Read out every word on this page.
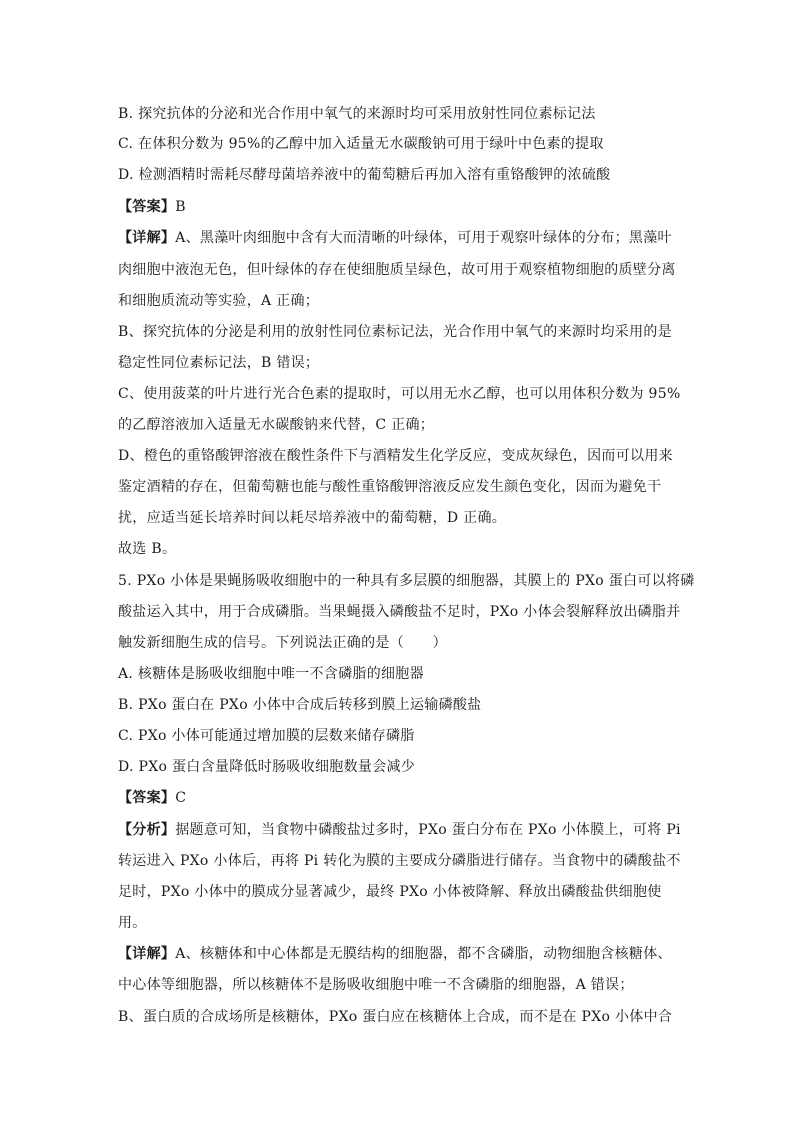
B. 探究抗体的分泌和光合作用中氧气的来源时均可采用放射性同位素标记法
C. 在体积分数为 95%的乙醇中加入适量无水碳酸钠可用于绿叶中色素的提取
D. 检测酒精时需耗尽酵母菌培养液中的葡萄糖后再加入溶有重铬酸钾的浓硫酸
【答案】B
【详解】A、黑藻叶肉细胞中含有大而清晰的叶绿体，可用于观察叶绿体的分布；黑藻叶
肉细胞中液泡无色，但叶绿体的存在使细胞质呈绿色，故可用于观察植物细胞的质壁分离
和细胞质流动等实验，A 正确；
B、探究抗体的分泌是利用的放射性同位素标记法，光合作用中氧气的来源时均采用的是
稳定性同位素标记法，B 错误；
C、使用菠菜的叶片进行光合色素的提取时，可以用无水乙醇，也可以用体积分数为 95%
的乙醇溶液加入适量无水碳酸钠来代替，C 正确；
D、橙色的重铬酸钾溶液在酸性条件下与酒精发生化学反应，变成灰绿色，因而可以用来
鉴定酒精的存在，但葡萄糖也能与酸性重铬酸钾溶液反应发生颜色变化，因而为避免干
扰，应适当延长培养时间以耗尽培养液中的葡萄糖，D 正确。
故选 B。
5. PXo 小体是果蝇肠吸收细胞中的一种具有多层膜的细胞器，其膜上的 PXo 蛋白可以将磷
酸盐运入其中，用于合成磷脂。当果蝇摄入磷酸盐不足时，PXo 小体会裂解释放出磷脂并
触发新细胞生成的信号。下列说法正确的是（　　）
A. 核糖体是肠吸收细胞中唯一不含磷脂的细胞器
B. PXo 蛋白在 PXo 小体中合成后转移到膜上运输磷酸盐
C. PXo 小体可能通过增加膜的层数来储存磷脂
D. PXo 蛋白含量降低时肠吸收细胞数量会减少
【答案】C
【分析】据题意可知，当食物中磷酸盐过多时，PXo 蛋白分布在 PXo 小体膜上，可将 Pi
转运进入 PXo 小体后，再将 Pi 转化为膜的主要成分磷脂进行储存。当食物中的磷酸盐不
足时，PXo 小体中的膜成分显著减少，最终 PXo 小体被降解、释放出磷酸盐供细胞使
用。
【详解】A、核糖体和中心体都是无膜结构的细胞器，都不含磷脂，动物细胞含核糖体、
中心体等细胞器，所以核糖体不是肠吸收细胞中唯一不含磷脂的细胞器，A 错误；
B、蛋白质的合成场所是核糖体，PXo 蛋白应在核糖体上合成，而不是在 PXo 小体中合
